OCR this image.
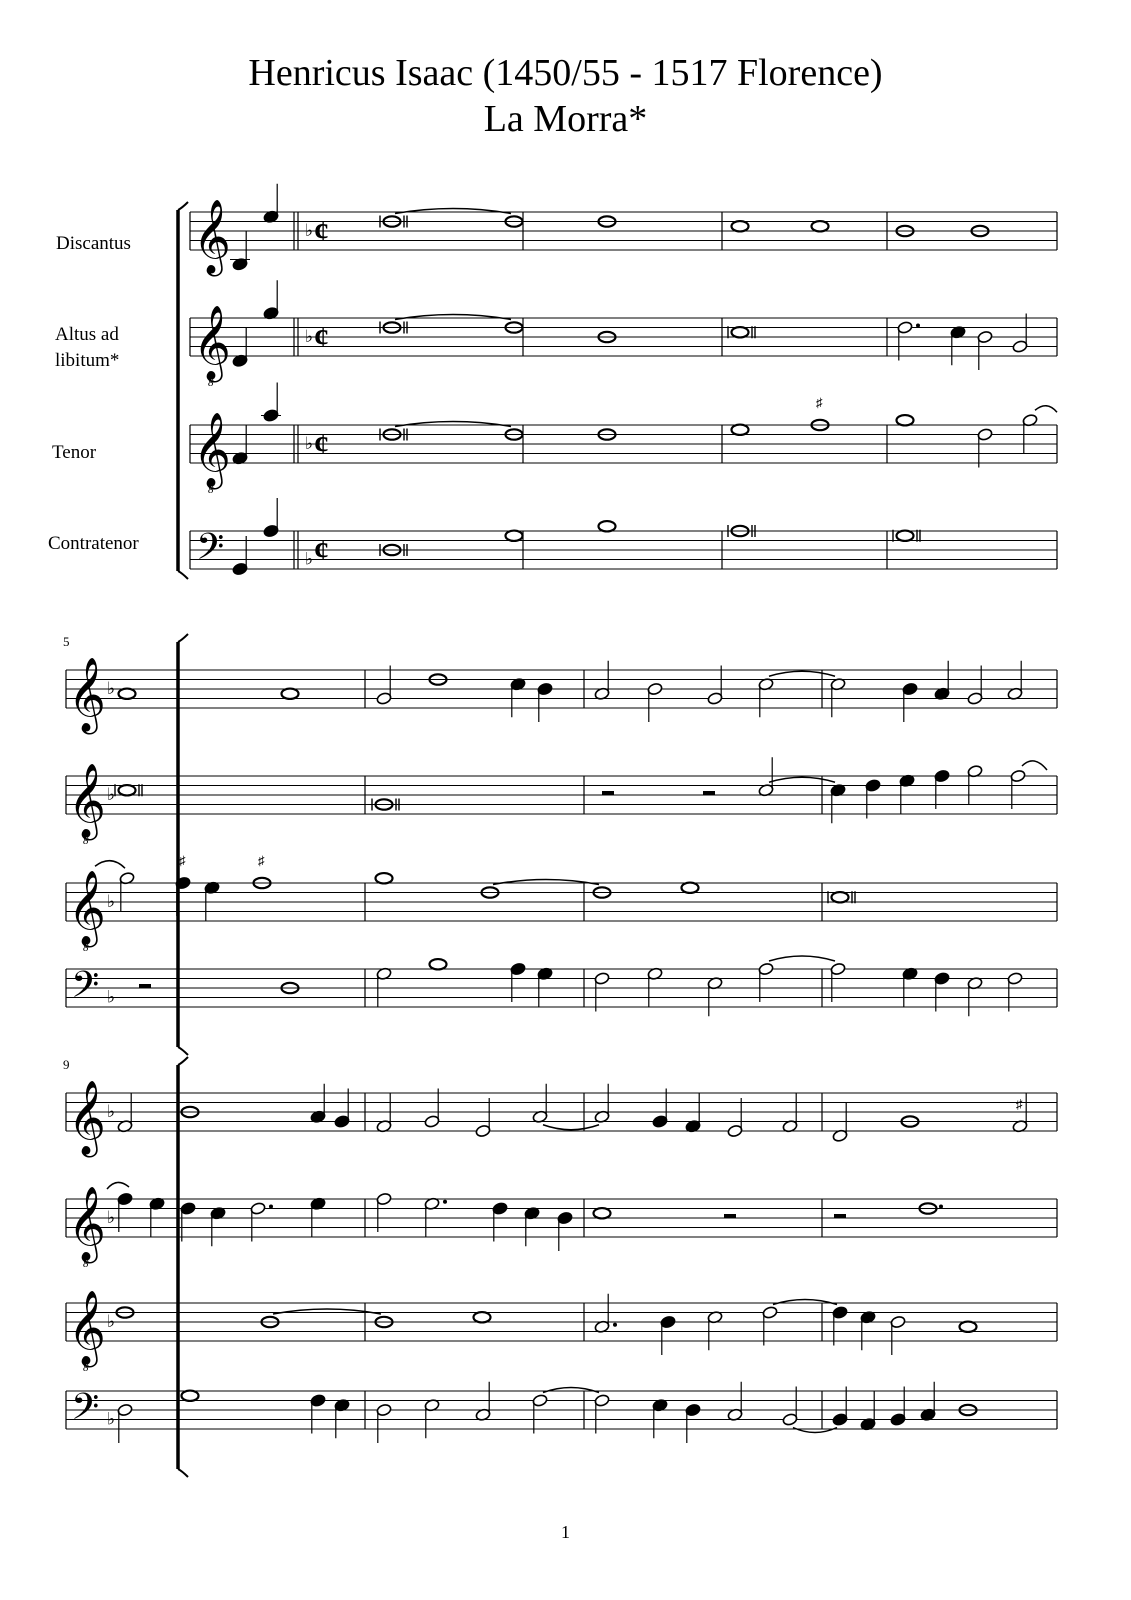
Henricus Isaac (1450/55 - 1517 Florence)
La Morra*
Discantus
Altus ad
libitum*
Tenor
Contratenor
𝄞	♭ ¢
𝄞
8
♭ ¢
𝄞
8
♭ ¢
𝄢	♭ ¢
♯
5
𝄞 ♭
𝄞
8
♭
𝄞
8
♭
𝄢 ♭
♯	♯
9
𝄞 ♭
𝄞
8
♭
𝄞
8
♭
𝄢 ♭
♯
1
